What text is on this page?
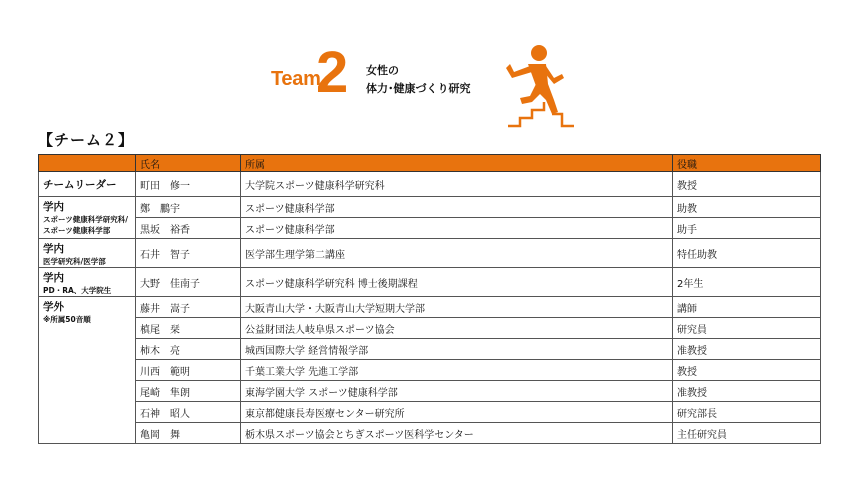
Team
2 女性の
体力･健康づくり研究
【チーム２】
	氏名	所属	役職

チームリーダー	町田　修一	大学院スポーツ健康科学研究科	教授

学内
スポーツ健康科学研究科/スポーツ健康科学部	鄭　鵬宇	スポーツ健康科学部	助教
	黒坂　裕香	スポーツ健康科学部	助手

学内
医学研究科/医学部	石井　智子	医学部生理学第二講座	特任助教

学内
PD・RA、大学院生	大野　佳南子	スポーツ健康科学研究科 博士後期課程	2年生

学外
※所属50音順	藤井　嵩子	大阪青山大学・大阪青山大学短期大学部	講師
	槙尾　栞	公益財団法人岐阜県スポーツ協会	研究員
	柿木　亮	城西国際大学 経営情報学部	准教授
	川西　範明	千葉工業大学 先進工学部	教授
	尾崎　隼朗	東海学園大学 スポーツ健康科学部	准教授
	石神　昭人	東京都健康長寿医療センター研究所	研究部長
	亀岡　舞	栃木県スポーツ協会とちぎスポーツ医科学センター	主任研究員
